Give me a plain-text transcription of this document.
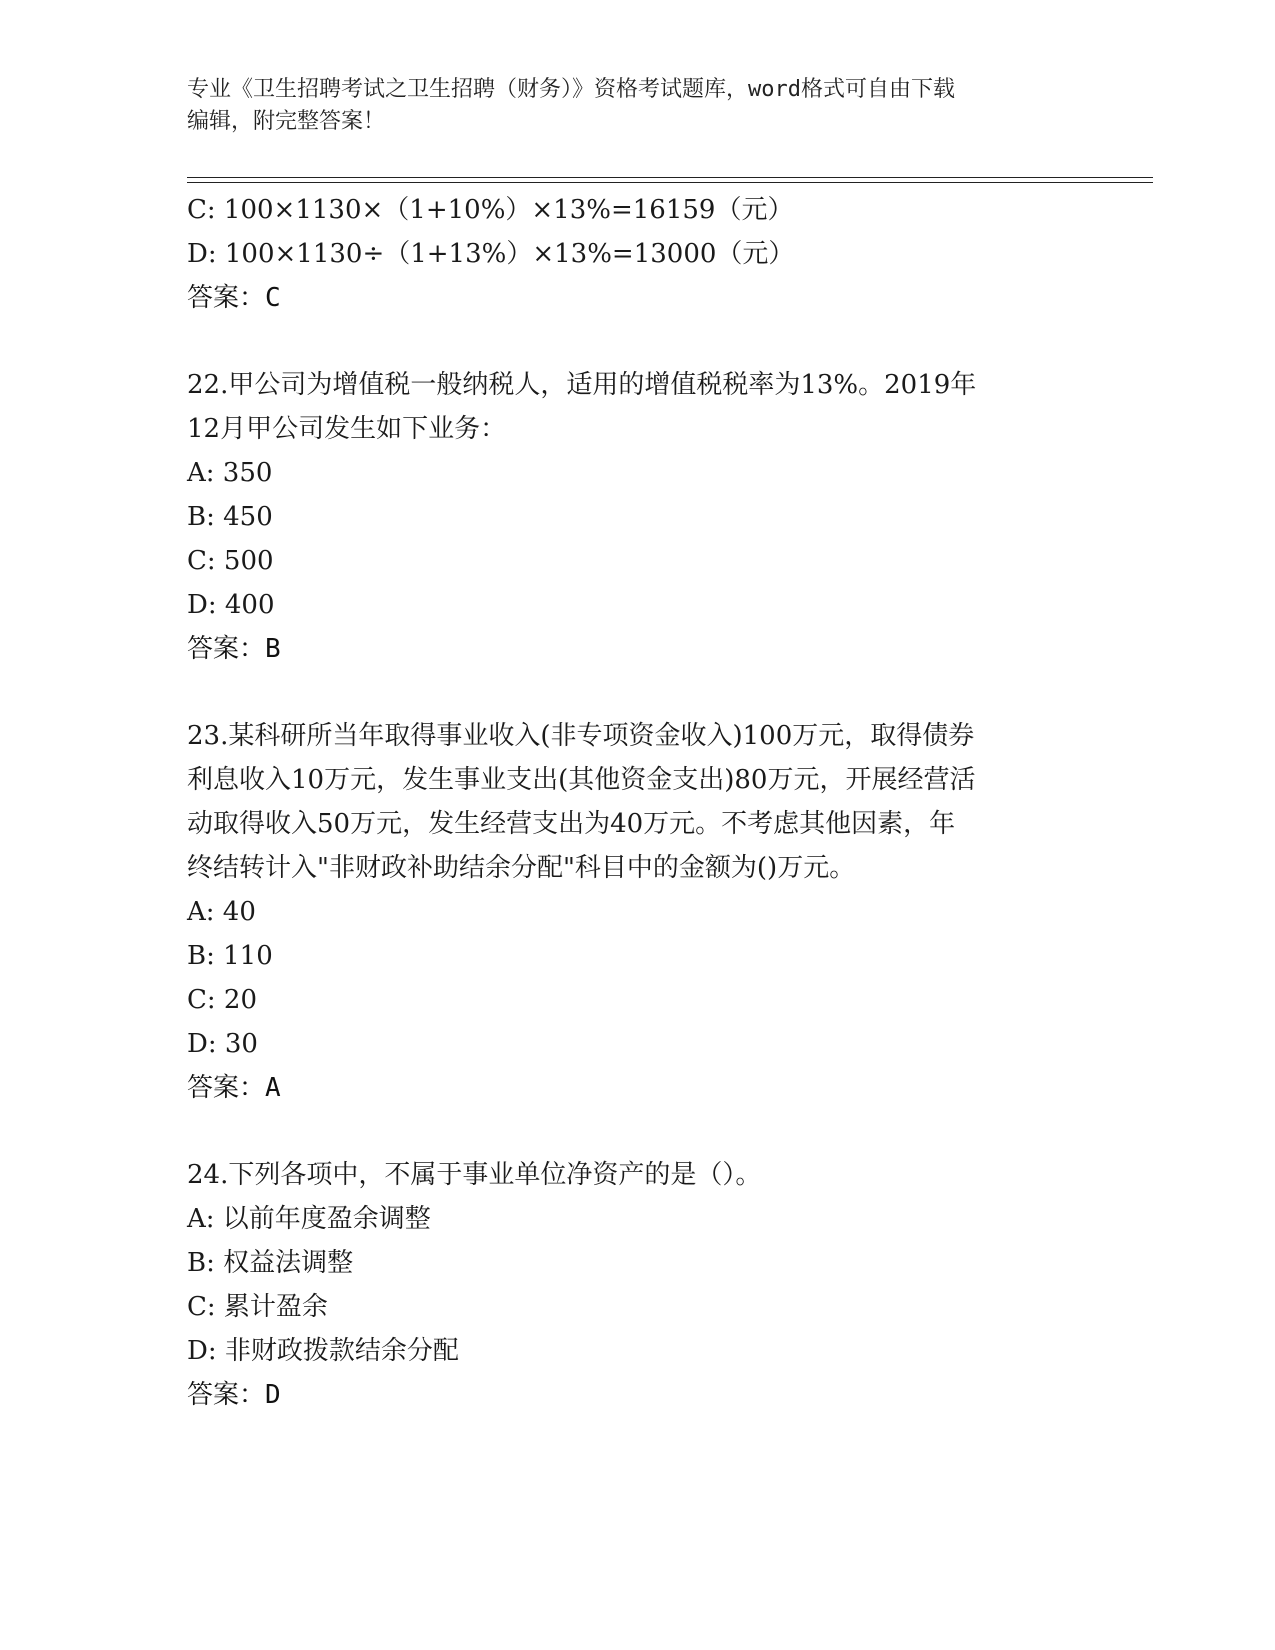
专业《卫生招聘考试之卫生招聘（财务）》资格考试题库，word格式可自由下载
编辑，附完整答案！
C: 100×1130×（1+10%）×13%=16159（元）
D: 100×1130÷（1+13%）×13%=13000（元）
答案：C
22.甲公司为增值税一般纳税人，适用的增值税税率为13%。2019年
12月甲公司发生如下业务：
A: 350
B: 450
C: 500
D: 400
答案：B
23.某科研所当年取得事业收入(非专项资金收入)100万元，取得债券
利息收入10万元，发生事业支出(其他资金支出)80万元，开展经营活
动取得收入50万元，发生经营支出为40万元。不考虑其他因素，年
终结转计入"非财政补助结余分配"科目中的金额为()万元。
A: 40
B: 110
C: 20
D: 30
答案：A
24.下列各项中，不属于事业单位净资产的是（）。
A: 以前年度盈余调整
B: 权益法调整
C: 累计盈余
D: 非财政拨款结余分配
答案：D
